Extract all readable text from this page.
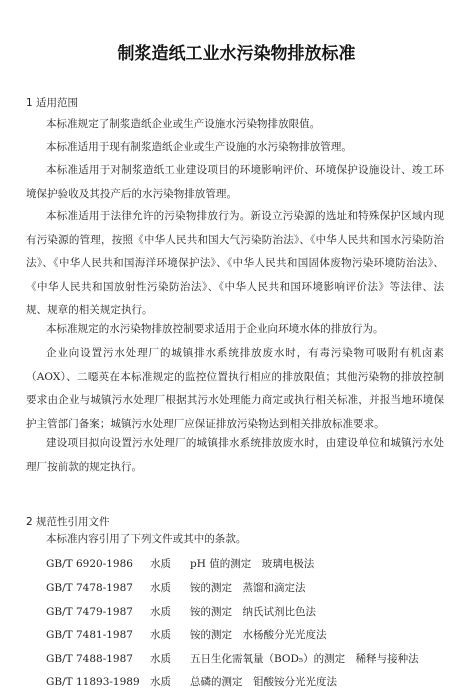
制浆造纸工业水污染物排放标准
1 适用范围

本标准规定了制浆造纸企业或生产设施水污染物排放限值。

本标准适用于现有制浆造纸企业或生产设施的水污染物排放管理。

本标准适用于对制浆造纸工业建设项目的环境影响评价、环境保护设施设计、竣工环境保护验收及其投产后的水污染物排放管理。

本标准适用于法律允许的污染物排放行为。新设立污染源的选址和特殊保护区域内现有污染源的管理，按照《中华人民共和国大气污染防治法》、《中华人民共和国水污染防治法》、《中华人民共和国海洋环境保护法》、《中华人民共和国固体废物污染环境防治法》、《中华人民共和国放射性污染防治法》、《中华人民共和国环境影响评价法》等法律、法规、规章的相关规定执行。

本标准规定的水污染物排放控制要求适用于企业向环境水体的排放行为。

企业向设置污水处理厂的城镇排水系统排放废水时，有毒污染物可吸附有机卤素（AOX）、二噁英在本标准规定的监控位置执行相应的排放限值；其他污染物的排放控制要求由企业与城镇污水处理厂根据其污水处理能力商定或执行相关标准，并报当地环境保护主管部门备案；城镇污水处理厂应保证排放污染物达到相关排放标准要求。

建设项目拟向设置污水处理厂的城镇排水系统排放废水时，由建设单位和城镇污水处理厂按前款的规定执行。

2 规范性引用文件

本标准内容引用了下列文件或其中的条款。

GB/T 6920-1986 水质 pH 值的测定　玻璃电极法
GB/T 7478-1987 水质 铵的测定　蒸馏和滴定法
GB/T 7479-1987 水质 铵的测定　纳氏试剂比色法
GB/T 7481-1987 水质 铵的测定　水杨酸分光光度法
GB/T 7488-1987 水质 五日生化需氧量（BOD₅）的测定　稀释与接种法
GB/T 11893-1989 水质 总磷的测定　钼酸铵分光光度法
